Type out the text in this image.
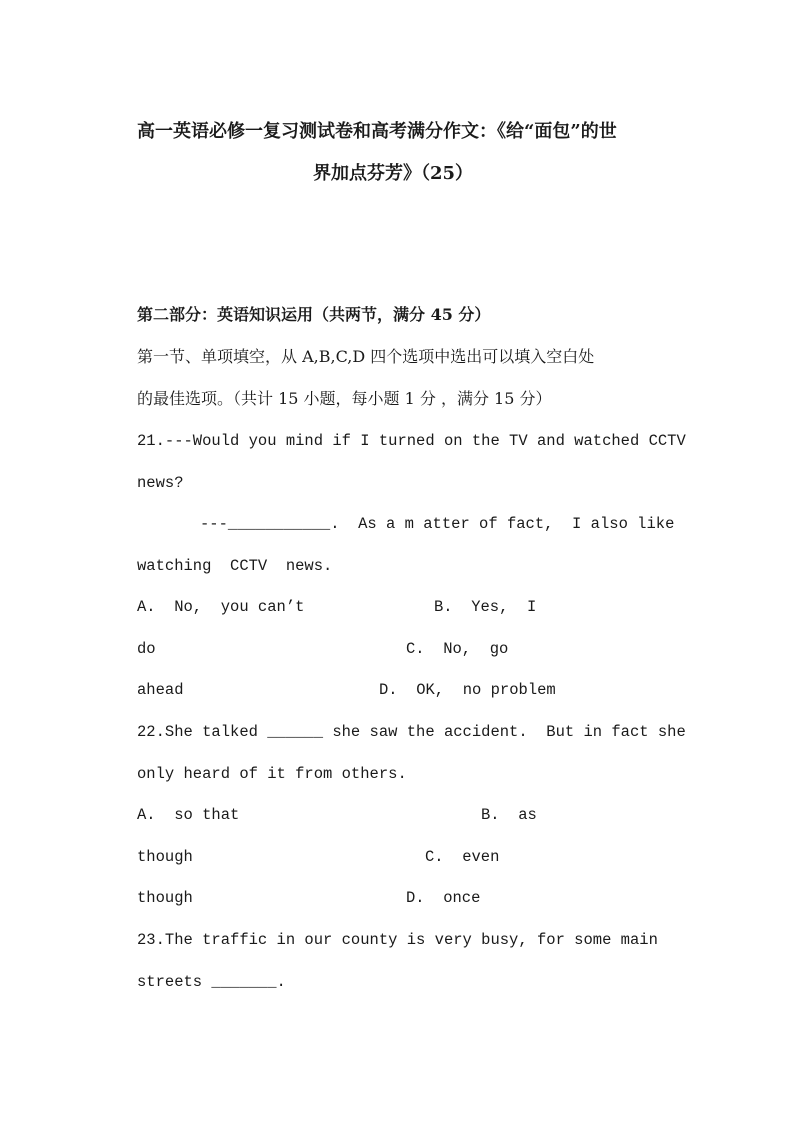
高一英语必修一复习测试卷和高考满分作文：《给“面包”的世
界加点芬芳》（25）
第二部分：英语知识运用（共两节，满分 45 分）
第一节、单项填空，从 A,B,C,D 四个选项中选出可以填入空白处
的最佳选项。（共计 15 小题，每小题 1 分 ，满分 15 分）
21.---Would you mind if I turned on the TV and watched CCTV
news?
---___________.  As a m atter of fact,  I also like
watching  CCTV  news.
A.  No,  you can’t	B.  Yes,  I
do	C.  No,  go
ahead	D.  OK,  no problem
22.She talked ______ she saw the accident.  But in fact she
only heard of it from others.
A.  so that	B.  as
though	C.  even
though	D.  once
23.The traffic in our county is very busy, for some main
streets _______.
